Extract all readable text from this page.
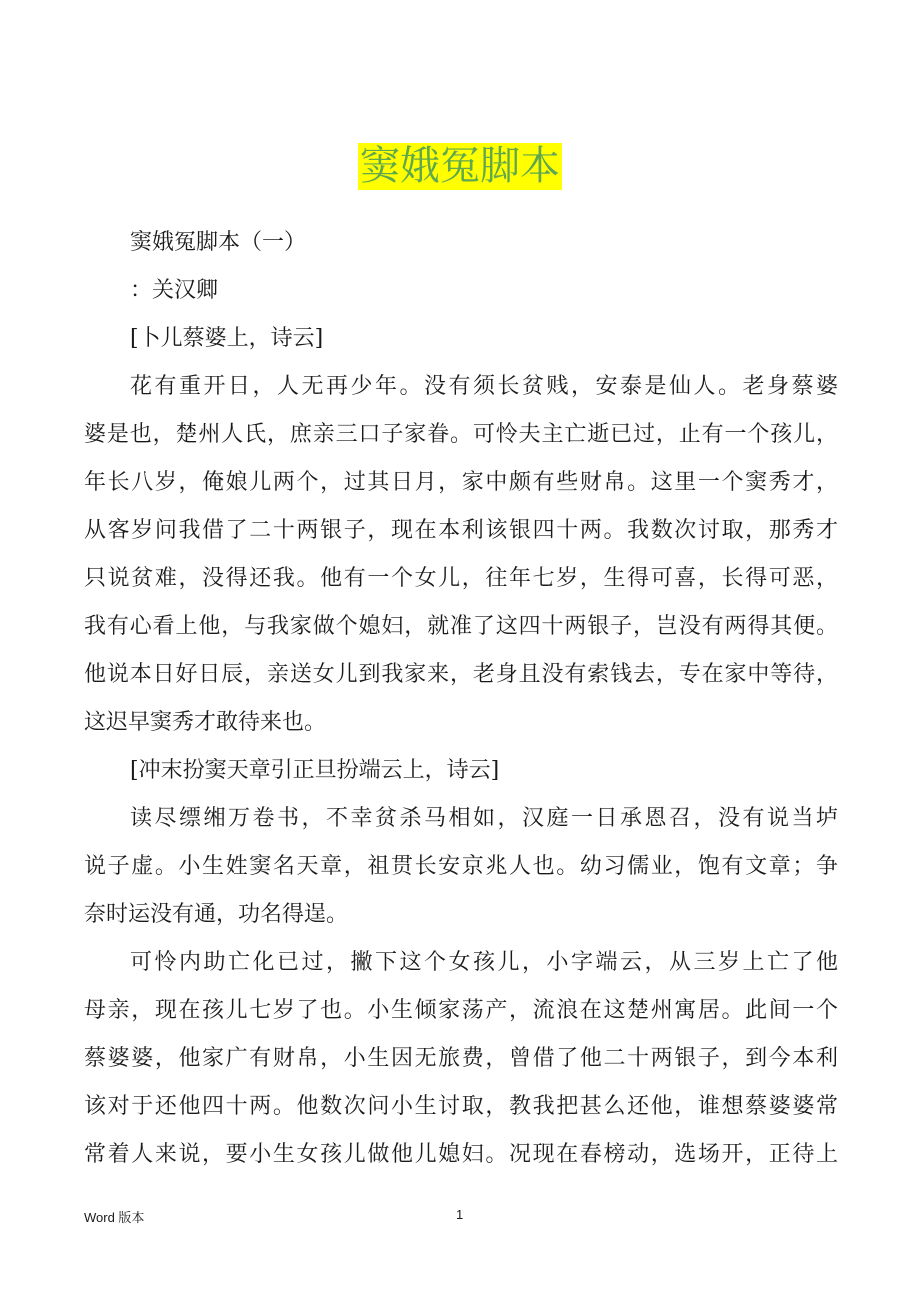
窦娥冤脚本
窦娥冤脚本（一）
：关汉卿
[卜儿蔡婆上，诗云]
花有重开日，人无再少年。没有须长贫贱，安泰是仙人。老身蔡婆
婆是也，楚州人氏，庶亲三口子家眷。可怜夫主亡逝已过，止有一个孩儿，
年长八岁，俺娘儿两个，过其日月，家中颇有些财帛。这里一个窦秀才，
从客岁问我借了二十两银子，现在本利该银四十两。我数次讨取，那秀才
只说贫难，没得还我。他有一个女儿，往年七岁，生得可喜，长得可恶，
我有心看上他，与我家做个媳妇，就准了这四十两银子，岂没有两得其便。
他说本日好日辰，亲送女儿到我家来，老身且没有索钱去，专在家中等待，
这迟早窦秀才敢待来也。
[冲末扮窦天章引正旦扮端云上，诗云]
读尽缥缃万卷书，不幸贫杀马相如，汉庭一日承恩召，没有说当垆
说子虚。小生姓窦名天章，祖贯长安京兆人也。幼习儒业，饱有文章；争
奈时运没有通，功名得逞。
可怜内助亡化已过，撇下这个女孩儿，小字端云，从三岁上亡了他
母亲，现在孩儿七岁了也。小生倾家荡产，流浪在这楚州寓居。此间一个
蔡婆婆，他家广有财帛，小生因无旅费，曾借了他二十两银子，到今本利
该对于还他四十两。他数次问小生讨取，教我把甚么还他，谁想蔡婆婆常
常着人来说，要小生女孩儿做他儿媳妇。况现在春榜动，选场开，正待上
Word 版本	1
